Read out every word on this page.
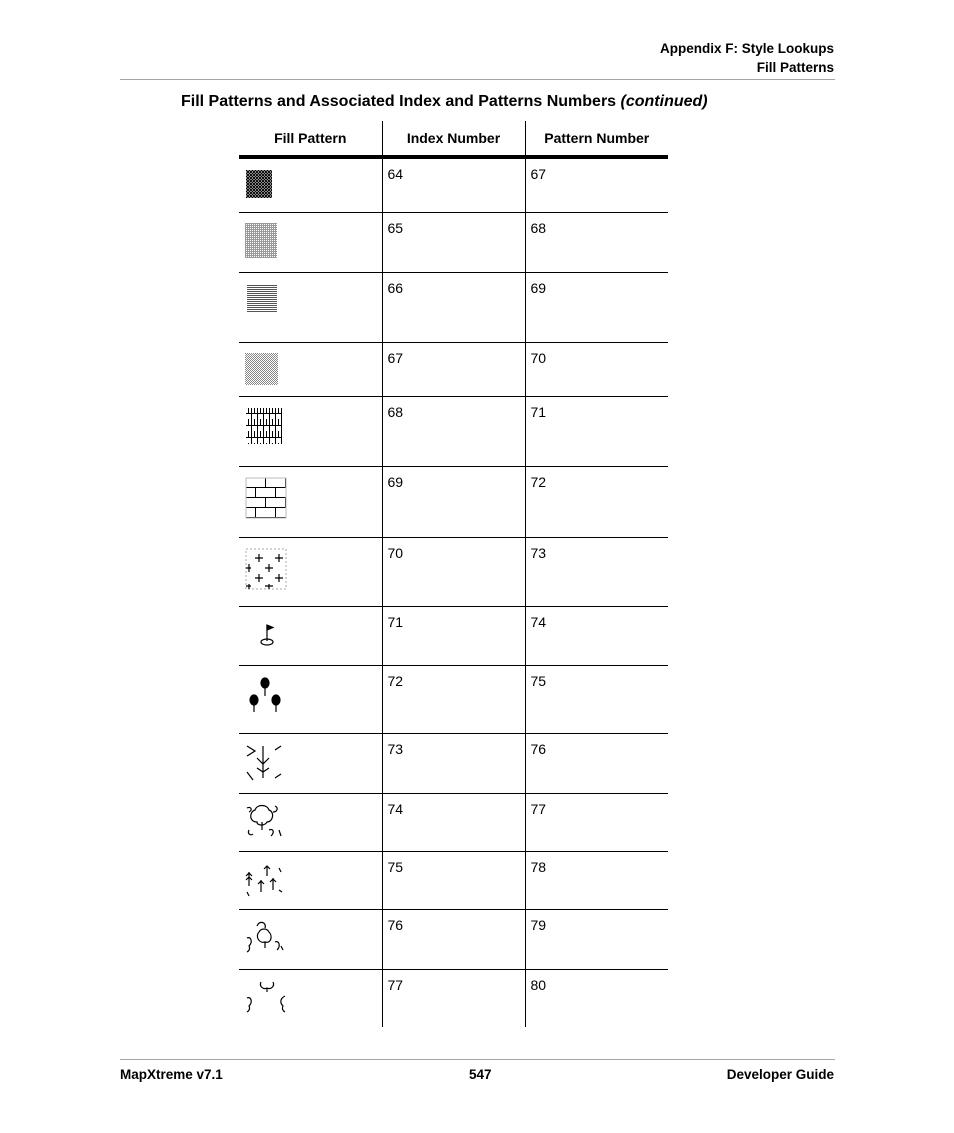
Appendix F: Style Lookups
Fill Patterns
Fill Patterns and Associated Index and Patterns Numbers (continued)
Fill Pattern	Index Number	Pattern Number

	64	67

	65	68

	66	69

	67	70

	68	71

	69	72

	70	73

	71	74

	72	75

	73	76

	74	77

	75	78

	76	79

	77	80
MapXtreme v7.1	547	Developer Guide
